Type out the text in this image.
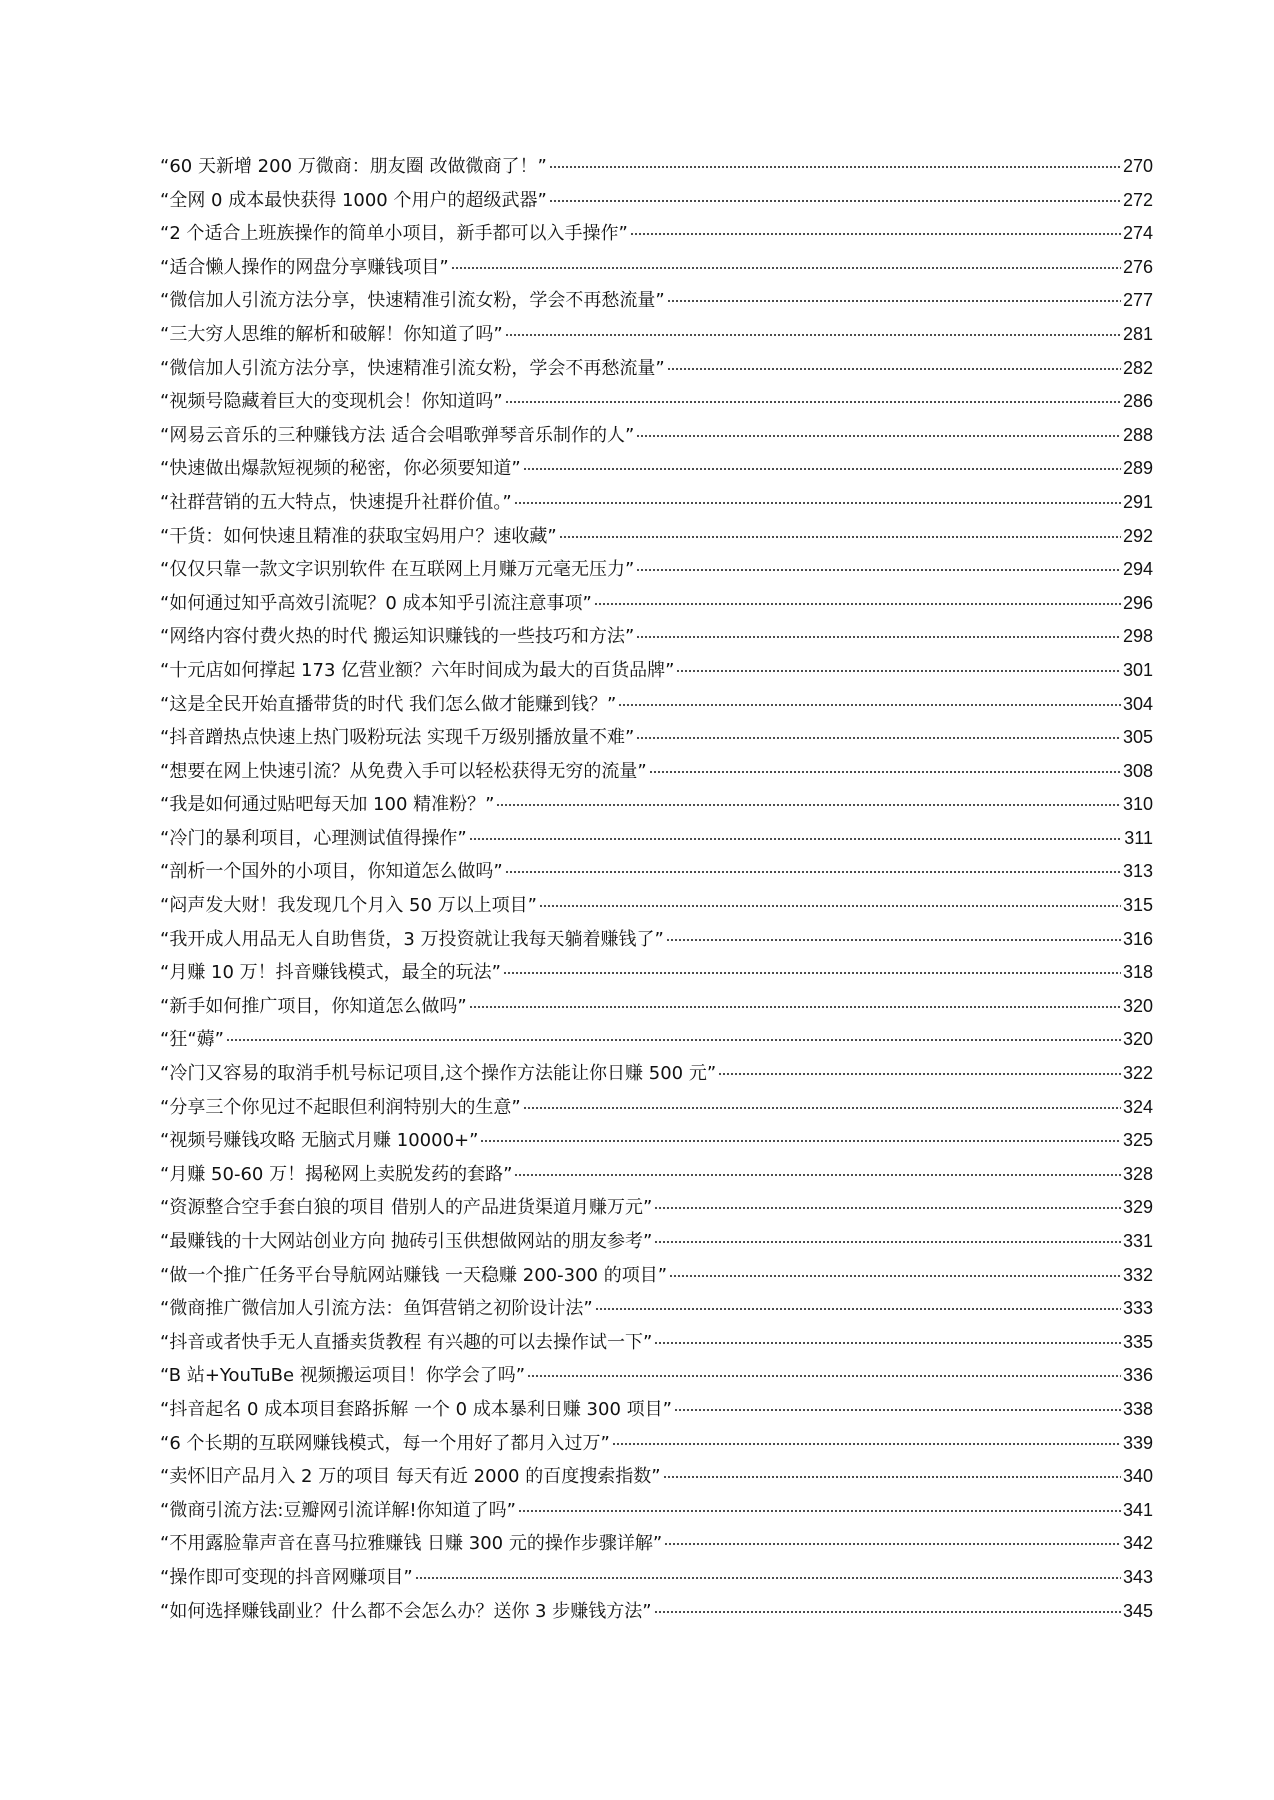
“60 天新增 200 万微商：朋友圈 改做微商了！”	270
“全网 0 成本最快获得 1000 个用户的超级武器”	272
“2 个适合上班族操作的简单小项目，新手都可以入手操作”	274
“适合懒人操作的网盘分享赚钱项目”	276
“微信加人引流方法分享，快速精准引流女粉，学会不再愁流量”	277
“三大穷人思维的解析和破解！你知道了吗”	281
“微信加人引流方法分享，快速精准引流女粉，学会不再愁流量”	282
“视频号隐藏着巨大的变现机会！你知道吗”	286
“网易云音乐的三种赚钱方法 适合会唱歌弹琴音乐制作的人”	288
“快速做出爆款短视频的秘密，你必须要知道”	289
“社群营销的五大特点，快速提升社群价值。”	291
“干货：如何快速且精准的获取宝妈用户？速收藏”	292
“仅仅只靠一款文字识别软件 在互联网上月赚万元毫无压力”	294
“如何通过知乎高效引流呢？0 成本知乎引流注意事项”	296
“网络内容付费火热的时代 搬运知识赚钱的一些技巧和方法”	298
“十元店如何撑起 173 亿营业额？六年时间成为最大的百货品牌”	301
“这是全民开始直播带货的时代 我们怎么做才能赚到钱？”	304
“抖音蹭热点快速上热门吸粉玩法 实现千万级别播放量不难”	305
“想要在网上快速引流？从免费入手可以轻松获得无穷的流量”	308
“我是如何通过贴吧每天加 100 精准粉？”	310
“冷门的暴利项目，心理测试值得操作”	311
“剖析一个国外的小项目，你知道怎么做吗”	313
“闷声发大财！我发现几个月入 50 万以上项目”	315
“我开成人用品无人自助售货，3 万投资就让我每天躺着赚钱了”	316
“月赚 10 万！抖音赚钱模式，最全的玩法”	318
“新手如何推广项目，你知道怎么做吗”	320
“狂“薅”	320
“冷门又容易的取消手机号标记项目,这个操作方法能让你日赚 500 元”	322
“分享三个你见过不起眼但利润特别大的生意”	324
“视频号赚钱攻略 无脑式月赚 10000+”	325
“月赚 50-60 万！揭秘网上卖脱发药的套路”	328
“资源整合空手套白狼的项目 借别人的产品进货渠道月赚万元”	329
“最赚钱的十大网站创业方向 抛砖引玉供想做网站的朋友参考”	331
“做一个推广任务平台导航网站赚钱 一天稳赚 200-300 的项目”	332
“微商推广微信加人引流方法：鱼饵营销之初阶设计法”	333
“抖音或者快手无人直播卖货教程 有兴趣的可以去操作试一下”	335
“B 站+YouTuBe 视频搬运项目！你学会了吗”	336
“抖音起名 0 成本项目套路拆解 一个 0 成本暴利日赚 300 项目”	338
“6 个长期的互联网赚钱模式，每一个用好了都月入过万”	339
“卖怀旧产品月入 2 万的项目 每天有近 2000 的百度搜索指数”	340
“微商引流方法:豆瓣网引流详解!你知道了吗”	341
“不用露脸靠声音在喜马拉雅赚钱 日赚 300 元的操作步骤详解”	342
“操作即可变现的抖音网赚项目”	343
“如何选择赚钱副业？什么都不会怎么办？送你 3 步赚钱方法”	345
